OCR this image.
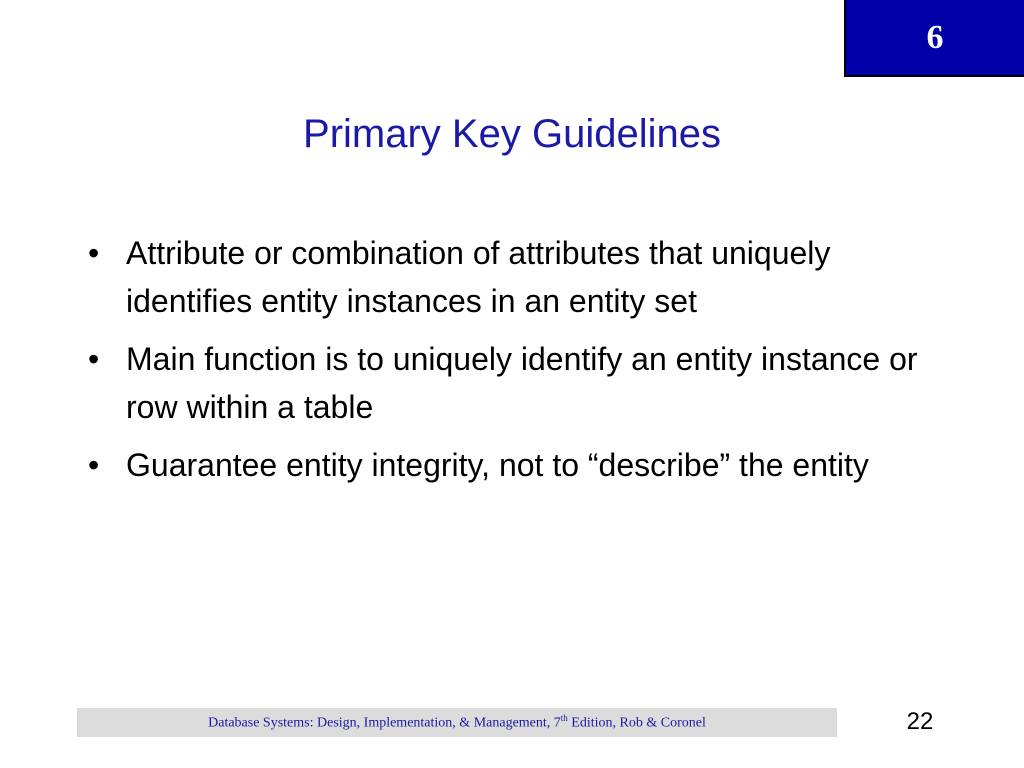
6
Primary Key Guidelines
• Attribute or combination of attributes that uniquely identifies entity instances in an entity set
• Main function is to uniquely identify an entity instance or row within a table
• Guarantee entity integrity, not to “describe” the entity
Database Systems: Design, Implementation, & Management, 7th Edition, Rob & Coronel	22
